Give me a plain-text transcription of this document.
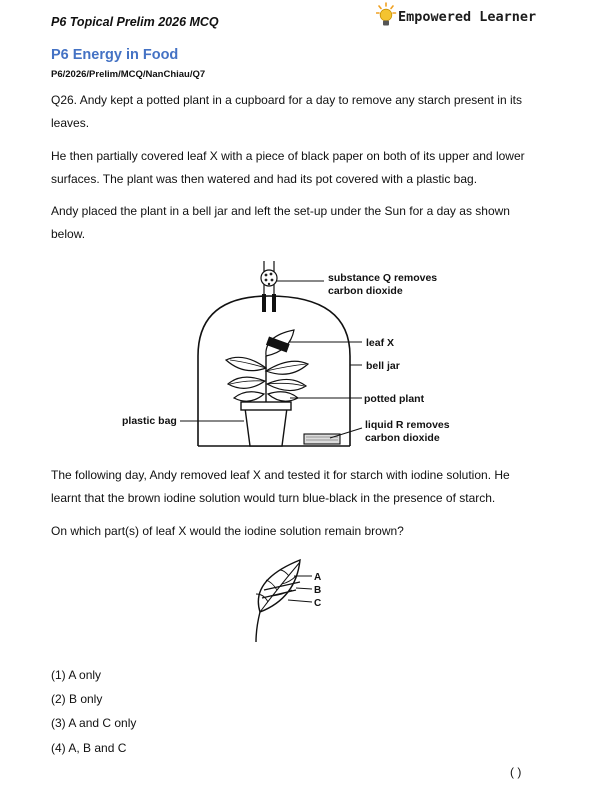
P6 Topical Prelim 2026 MCQ	Empowered Learner
P6 Energy in Food
P6/2026/Prelim/MCQ/NanChiau/Q7
Q26. Andy kept a potted plant in a cupboard for a day to remove any starch present in its leaves.
He then partially covered leaf X with a piece of black paper on both of its upper and lower surfaces. The plant was then watered and had its pot covered with a plastic bag.
Andy placed the plant in a bell jar and left the set-up under the Sun for a day as shown below.
substance Q removes
carbon dioxide
leaf X
bell jar
potted plant
plastic bag	liquid R removes
carbon dioxide
The following day, Andy removed leaf X and tested it for starch with iodine solution. He learnt that the brown iodine solution would turn blue-black in the presence of starch.
On which part(s) of leaf X would the iodine solution remain brown?
A
B
C
(1) A only
(2) B only
(3) A and C only
(4) A, B and C
( )
